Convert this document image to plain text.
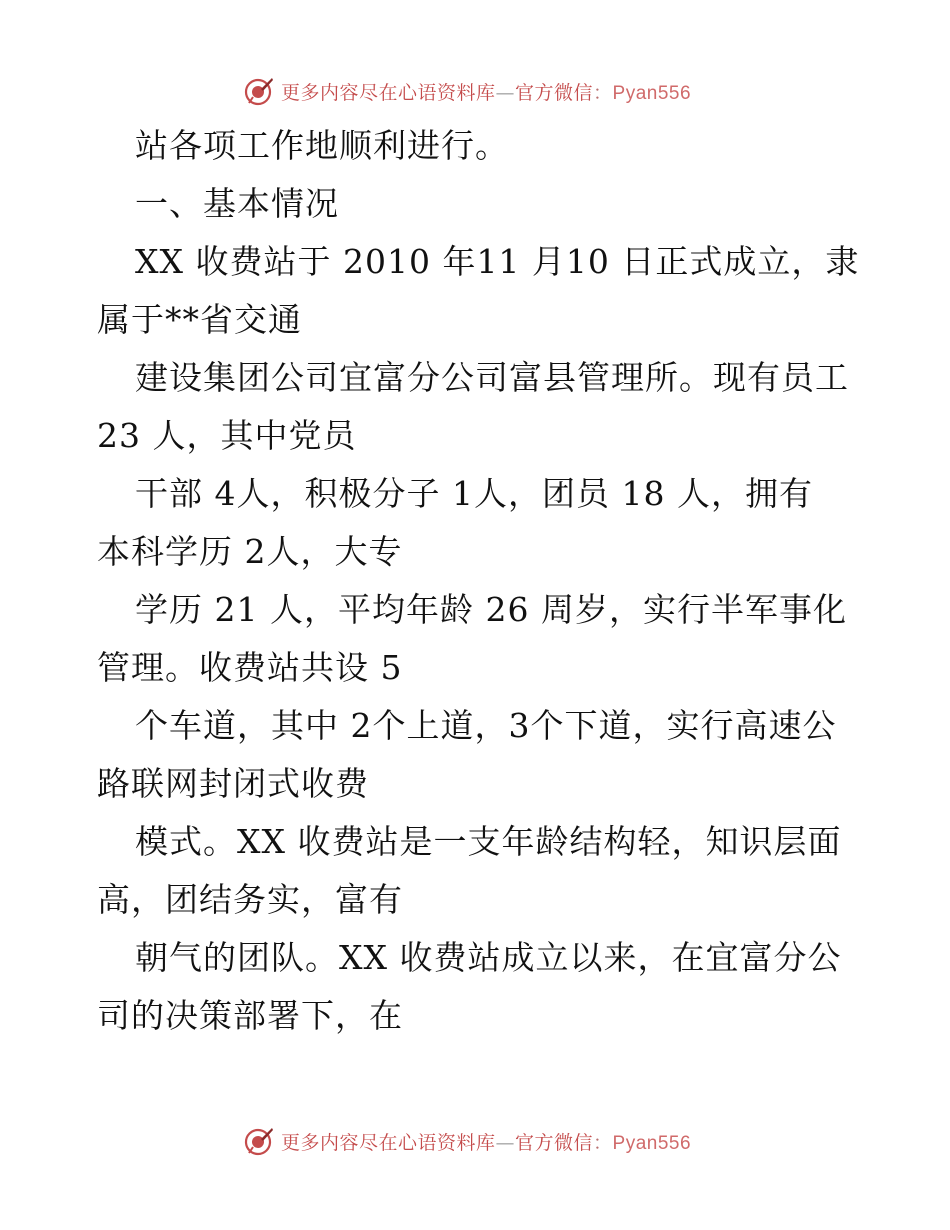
更多内容尽在心语资料库—官方微信：Pyan556
站各项工作地顺利进行。
一、基本情况
XX 收费站于 2010 年11 月10 日正式成立，隶
属于**省交通
建设集团公司宜富分公司富县管理所。现有员工
23 人，其中党员
干部 4人，积极分子 1人，团员 18 人，拥有
本科学历 2人，大专
学历 21 人，平均年龄 26 周岁，实行半军事化
管理。收费站共设 5
个车道，其中 2个上道，3个下道，实行高速公
路联网封闭式收费
模式。XX 收费站是一支年龄结构轻，知识层面
高，团结务实，富有
朝气的团队。XX 收费站成立以来，在宜富分公
司的决策部署下，在
更多内容尽在心语资料库—官方微信：Pyan556
